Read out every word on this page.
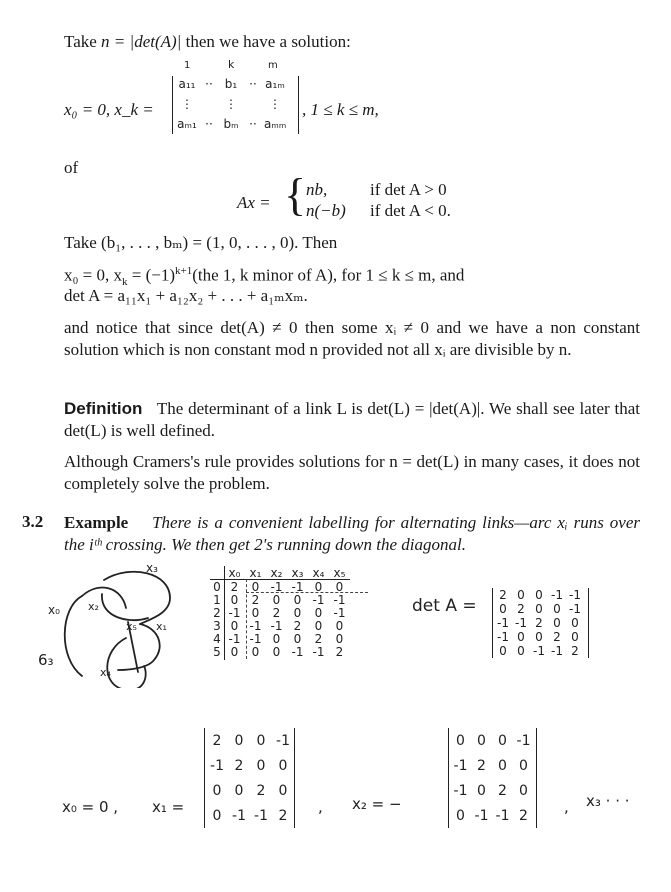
Take n = |det(A)| then we have a solution:
x₀ = 0, x_k =
1	k	m
a₁₁ ·· b₁ ·· a₁ₘ
⋮	⋮	⋮
aₘ₁ ·· bₘ ·· aₘₘ
, 1 ≤ k ≤ m,
of
Ax = { nb,	if det A > 0
n(−b) if det A < 0.
Take (b₁, . . . , bₘ) = (1, 0, . . . , 0). Then
x₀ = 0, $x_k = (-1)^{k+1}(the$ 1, k minor of A), for 1 ≤ k ≤ m, and
det A = a₁₁x₁ + a₁₂x₂ + . . . + a₁ₘxₘ.
and notice that since det(A) ≠ 0 then some xᵢ ≠ 0 and we have a non constant solution which is non constant mod n provided not all xᵢ are divisible by n.
Definition The determinant of a link L is det(L) = |det(A)|. We shall see later that det(L) is well defined.
Although Cramers's rule provides solutions for n = det(L) in many cases, it does not completely solve the problem.
3.2 Example There is a convenient labelling for alternating links—arc xᵢ runs over the iᵗʰ crossing. We then get 2's running down the diagonal.
x₃
x₀	x₂
x₅ x₁
x₄
6₃
x₀ x₁ x₂ x₃ x₄ x₅
0 2	0 -1 -1 0	0
1 0	2	0	0 -1 -1
2 -1 0	2	0	0 -1
3 0 -1 -1 2	0	0
4 -1 -1 0	0	2	0
5 0	0	0 -1 -1 2
det A =
2 0 0 -1 -1
0 2 0 0 -1
-1 -1 2 0 0
-1 0 0 2 0
0 0 -1 -1 2
x₀ = 0 , x₁ =
2 0 0 -1
-1 2 0 0
0 0 2 0
0 -1 -1 2	, x₂ = −
0 0 0 -1
-1 2 0 0
-1 0 2 0
0 -1 -1 2	, x₃ · · ·
